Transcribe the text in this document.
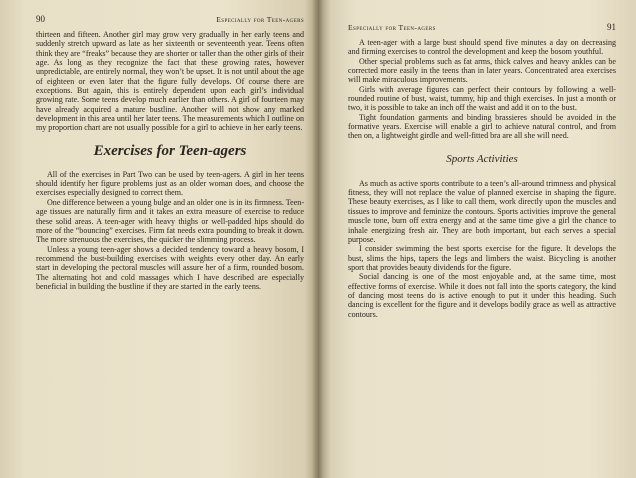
90	Especially for Teen-agers

thirteen and fifteen. Another girl may grow very gradually in her early teens and suddenly stretch upward as late as her sixteenth or seventeenth year. Teens often think they are “freaks” because they are shorter or taller than the other girls of their age. As long as they recognize the fact that these growing rates, however unpredictable, are entirely normal, they won’t be upset. It is not until about the age of eighteen or even later that the figure fully develops. Of course there are exceptions. But again, this is entirely dependent upon each girl’s individual growing rate. Some teens develop much earlier than others. A girl of fourteen may have already acquired a mature bustline. Another will not show any marked development in this area until her later teens. The measurements which I outline on my proportion chart are not usually possible for a girl to achieve in her early teens.

Exercises for Teen-agers

All of the exercises in Part Two can be used by teen-agers. A girl in her teens should identify her figure problems just as an older woman does, and choose the exercises especially designed to correct them.

One difference between a young bulge and an older one is in its firmness. Teen-age tissues are naturally firm and it takes an extra measure of exercise to reduce these solid areas. A teen-ager with heavy thighs or well-padded hips should do more of the “bouncing” exercises. Firm fat needs extra pounding to break it down. The more strenuous the exercises, the quicker the slimming process.

Unless a young teen-ager shows a decided tendency toward a heavy bosom, I recommend the bust-building exercises with weights every other day. An early start in developing the pectoral muscles will assure her of a firm, rounded bosom. The alternating hot and cold massages which I have described are especially beneficial in building the bustline if they are started in the early teens.

Especially for Teen-agers	91

A teen-ager with a large bust should spend five minutes a day on decreasing and firming exercises to control the development and keep the bosom youthful.

Other special problems such as fat arms, thick calves and heavy ankles can be corrected more easily in the teens than in later years. Concentrated area exercises will make miraculous improvements.

Girls with average figures can perfect their contours by following a well-rounded routine of bust, waist, tummy, hip and thigh exercises. In just a month or two, it is possible to take an inch off the waist and add it on to the bust.

Tight foundation garments and binding brassieres should be avoided in the formative years. Exercise will enable a girl to achieve natural control, and from then on, a lightweight girdle and well-fitted bra are all she will need.

Sports Activities

As much as active sports contribute to a teen’s all-around trimness and physical fitness, they will not replace the value of planned exercise in shaping the figure. These beauty exercises, as I like to call them, work directly upon the muscles and tissues to improve and feminize the contours. Sports activities improve the general muscle tone, burn off extra energy and at the same time give a girl the chance to inhale energizing fresh air. They are both important, but each serves a special purpose.

I consider swimming the best sports exercise for the figure. It develops the bust, slims the hips, tapers the legs and limbers the waist. Bicycling is another sport that provides beauty dividends for the figure.

Social dancing is one of the most enjoyable and, at the same time, most effective forms of exercise. While it does not fall into the sports category, the kind of dancing most teens do is active enough to put it under this heading. Such dancing is excellent for the figure and it develops bodily grace as well as attractive contours.
